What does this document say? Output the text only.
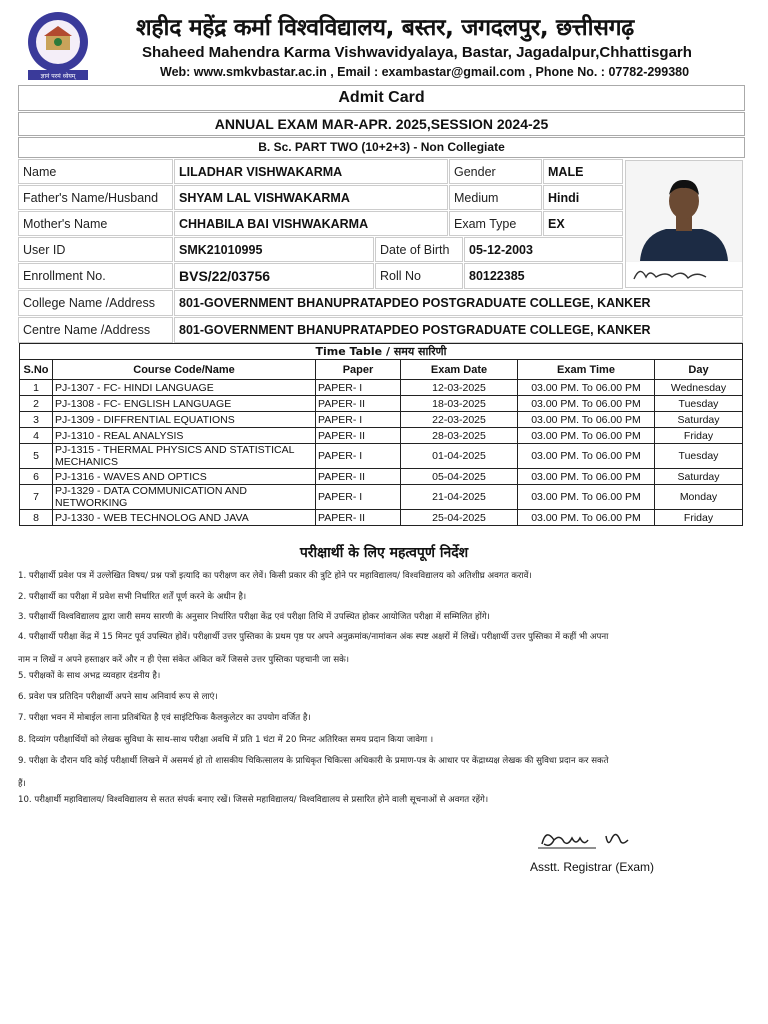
ज्ञानं परमं ध्येयम्
शहीद महेंद्र कर्मा विश्वविद्यालय, बस्तर, जगदलपुर, छत्तीसगढ़
Shaheed Mahendra Karma Vishwavidyalaya, Bastar, Jagadalpur,Chhattisgarh
Web: www.smkvbastar.ac.in , Email : exambastar@gmail.com , Phone No. : 07782-299380
Admit Card
ANNUAL EXAM MAR-APR. 2025,SESSION 2024-25
B. Sc. PART TWO (10+2+3) - Non Collegiate
Name	LILADHAR VISHWAKARMA	Gender	MALE
Father's Name/Husband	SHYAM LAL VISHWAKARMA	Medium	Hindi
Mother's Name	CHHABILA BAI VISHWAKARMA	Exam Type	EX
User ID	SMK21010995	Date of Birth	05-12-2003
Enrollment No.	BVS/22/03756	Roll No	80122385
College Name /Address	801-GOVERNMENT BHANUPRATAPDEO POSTGRADUATE COLLEGE, KANKER
Centre Name /Address	801-GOVERNMENT BHANUPRATAPDEO POSTGRADUATE COLLEGE, KANKER
Time Table / समय सारिणी					
S.No	Course Code/Name	Paper	Exam Date	Exam Time	Day
1	PJ-1307 - FC- HINDI LANGUAGE	PAPER- I	12-03-2025	03.00 PM. To 06.00 PM	Wednesday
2	PJ-1308 - FC- ENGLISH LANGUAGE	PAPER- II	18-03-2025	03.00 PM. To 06.00 PM	Tuesday
3	PJ-1309 - DIFFRENTIAL EQUATIONS	PAPER- I	22-03-2025	03.00 PM. To 06.00 PM	Saturday
4	PJ-1310 - REAL ANALYSIS	PAPER- II	28-03-2025	03.00 PM. To 06.00 PM	Friday
5	PJ-1315 - THERMAL PHYSICS AND STATISTICAL MECHANICS	PAPER- I	01-04-2025	03.00 PM. To 06.00 PM	Tuesday
6	PJ-1316 - WAVES AND OPTICS	PAPER- II	05-04-2025	03.00 PM. To 06.00 PM	Saturday
7	PJ-1329 - DATA COMMUNICATION AND NETWORKING	PAPER- I	21-04-2025	03.00 PM. To 06.00 PM	Monday
8	PJ-1330 - WEB TECHNOLOG AND JAVA	PAPER- II	25-04-2025	03.00 PM. To 06.00 PM	Friday
परीक्षार्थी के लिए महत्वपूर्ण निर्देश
1. परीक्षार्थी प्रवेश पत्र में उल्लेखित विषय/ प्रश्न पत्रों इत्यादि का परीक्षण कर लेवें। किसी प्रकार की त्रुटि होने पर महाविद्यालय/ विश्वविद्यालय को अतिशीघ्र अवगत करावें।
2. परीक्षार्थी का परीक्षा में प्रवेश सभी निर्धारित शर्तें पूर्ण करने के अधीन है।
3. परीक्षार्थी विश्वविद्यालय द्वारा जारी समय सारणी के अनुसार निर्धारित परीक्षा केंद्र एवं परीक्षा तिथि में उपस्थित होकर आयोजित परीक्षा में सम्मिलित होंगे।
4. परीक्षार्थी परीक्षा केंद्र में 15 मिनट पूर्व उपस्थित होवें। परीक्षार्थी उत्तर पुस्तिका के प्रथम पृष्ठ पर अपने अनुक्रमांक/नामांकन अंक स्पष्ट अक्षरों में लिखें। परीक्षार्थी उत्तर पुस्तिका में कहीं भी अपना
नाम न लिखें न अपने हस्ताक्षर करें और न ही ऐसा संकेत अंकित करें जिससे उत्तर पुस्तिका पहचानी जा सके।
5. परीक्षकों के साथ अभद्र व्यवहार दंडनीय है।
6. प्रवेश पत्र प्रतिदिन परीक्षार्थी अपने साथ अनिवार्य रूप से लाएं।
7. परीक्षा भवन में मोबाईल लाना प्रतिबंधित है एवं साइंटिफिक कैलकुलेटर का उपयोग वर्जित है।
8. दिव्यांग परीक्षार्थियों को लेखक सुविधा के साथ-साथ परीक्षा अवधि में प्रति 1 घंटा में 20 मिनट अतिरिक्त समय प्रदान किया जावेगा ।
9. परीक्षा के दौरान यदि कोई परीक्षार्थी लिखने में असमर्थ हो तो शासकीय चिकित्सालय के प्राधिकृत चिकित्सा अधिकारी के प्रमाण-पत्र के आधार पर केंद्राध्यक्ष लेखक की सुविधा प्रदान कर सकते
हैं।
10. परीक्षार्थी महाविद्यालय/ विश्वविद्यालय से सतत संपर्क बनाए रखें। जिससे महाविद्यालय/ विश्वविद्यालय से प्रसारित होने वाली सूचनाओं से अवगत रहेंगे।
Asstt. Registrar (Exam)
